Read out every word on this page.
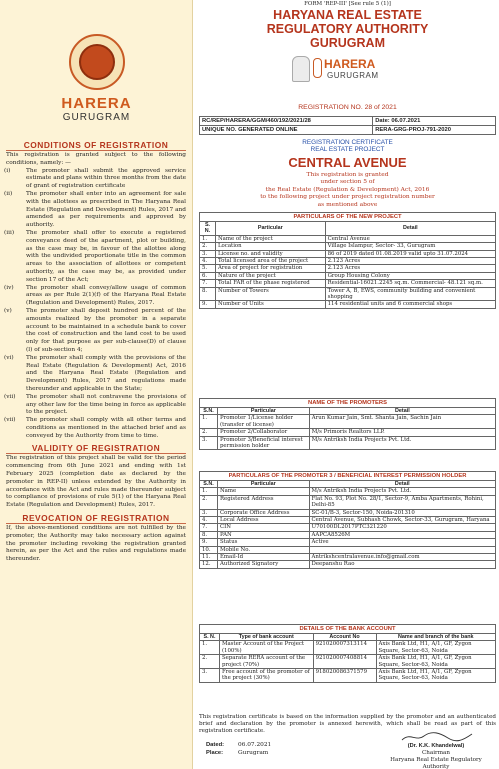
HARERA
GURUGRAM
CONDITIONS OF REGISTRATION
This registration is granted subject to the following conditions, namely: —
(i)	The promoter shall submit the approved service estimate and plans within three months from the date of grant of registration certificate
(ii)	The promoter shall enter into an agreement for sale with the allottees as prescribed in The Haryana Real Estate (Regulation and Development) Rules, 2017 and amended as per requirements and approved by authority.
(iii)	The promoter shall offer to execute a registered conveyance deed of the apartment, plot or building, as the case may be, in favour of the allottee along with the undivided proportionate title in the common areas to the association of allottees or competent authority, as the case may be, as provided under section 17 of the Act;
(iv)	The promoter shall convey/allow usage of common areas as per Rule 2(1)(f) of the Haryana Real Estate (Regulation and Development) Rules, 2017.
(v)	The promoter shall deposit hundred percent of the amounts realized by the promoter in a separate account to be maintained in a schedule bank to cover the cost of construction and the land cost to be used only for that purpose as per sub-clause(D) of clause (l) of sub-section 4;
(vi)	The promoter shall comply with the provisions of the Real Estate (Regulation & Development) Act, 2016 and the Haryana Real Estate (Regulation and Development) Rules, 2017 and regulations made thereunder and applicable in the State;
(vii)	The promoter shall not contravene the provisions of any other law for the time being in force as applicable to the project.
(vii)	The promoter shall comply with all other terms and conditions as mentioned in the attached brief and as conveyed by the Authority from time to time.
VALIDITY OF REGISTRATION
The registration of this project shall be valid for the period commencing from 6th June 2021 and ending with 1st February 2025 (completion date as declared by the promoter in REP-II) unless extended by the Authority in accordance with the Act and rules made thereunder subject to compliance of provisions of rule 5(1) of the Haryana Real Estate (Regulation and Development) Rules, 2017.
REVOCATION OF REGISTRATION
If, the above-mentioned conditions are not fulfilled by the promoter, the Authority may take necessary action against the promoter including revoking the registration granted herein, as per the Act and the rules and regulations made thereunder.
FORM 'REP-III' [See rule 5 (1)]
HARYANA REAL ESTATE
REGULATORY AUTHORITY
GURUGRAM
HARERA
GURUGRAM
REGISTRATION NO. 28 of 2021
RC/REP/HARERA/GGM/460/192/2021/28	Date: 06.07.2021
UNIQUE NO. GENERATED ONLINE	RERA-GRG-PROJ-791-2020
REGISTRATION CERTIFICATE
REAL ESTATE PROJECT
CENTRAL AVENUE
This registration is granted
under section 5 of
the Real Estate (Regulation & Development) Act, 2016
to the following project under project registration number
as mentioned above
PARTICULARS OF THE NEW PROJECT
S. N.	Particular	Detail
1.	Name of the project	Central Avenue
2.	Location	Village Islampur, Sector- 33, Gurugram
3.	License no. and validity	86 of 2019 dated 01.08.2019 valid upto 31.07.2024
4.	Total licensed area of the project	2.123 Acres
5.	Area of project for registration	2.123 Acres
6.	Nature of the project	Group Housing Colony
7.	Total FAR of the phase registered	Residential-16021.2245 sq.m. Commercial- 48.121 sq.m.
8.	Number of Towers	Tower A, B, EWS, community building and convenient shopping
9.	Number of Units	114 residential units and 6 commercial shops
NAME OF THE PROMOTERS
S.N.	Particular	Detail
1.	Promoter 1/License holder (transfer of license)	Arun Kumar Jain, Smt. Shanta Jain, Sachin Jain
2.	Promoter 2/Collaborator	M/s Primoris Realtors LLP.
3.	Promoter 3/Beneficial interest permission holder	M/s Antriksh India Projects Pvt. Ltd.
PARTICULARS OF THE PROMOTER 3 / BENEFICIAL INTEREST PERMISSION HOLDER
S.N.	Particular	Detail
1.	Name	M/s Antriksh India Projects Pvt. Ltd.
2.	Registered Address	Flat No. 93, Plot No. 28/1, Sector-9, Amba Apartments, Rohini, Delhi-85
3.	Corporate Office Address	SC-01/B-3, Sector-150, Noida-201310
4.	Local Address	Central Avenue, Subhash Chowk, Sector-33, Gurugram, Haryana
7.	CIN	U70100DL2017PTC321220
8.	PAN	AAPCA8526M
9.	Status	Active
10.	Mobile No.	
11.	Email-Id	Antrikshcentralavenue.info@gmail.com
12.	Authorized Signatory	Deepanshu Rao
DETAILS OF THE BANK ACCOUNT
S. N.	Type of bank account	Account No	Name and branch of the bank
1.	Master Account of the Project (100%)	921020007313114	Axis Bank Ltd, H1, A/1, GF, Zygon Square, Sector-63, Noida
2.	Separate RERA account of the project (70%)	921020007408814	Axis Bank Ltd, H1, A/1, GF, Zygon Square, Sector-63, Noida
3.	Free account of the promoter of the project (30%)	918020086371579	Axis Bank Ltd, H1, A/1, GF, Zygon Square, Sector-63, Noida
This registration certificate is based on the information supplied by the promoter and an authenticated brief and declaration by the promoter is annexed herewith, which shall be read as part of this registration certificate.
Dated: 06.07.2021
Place:	Gurugram
(Dr. K.K. Khandelwal)
Chairman
Haryana Real Estate Regulatory Authority
